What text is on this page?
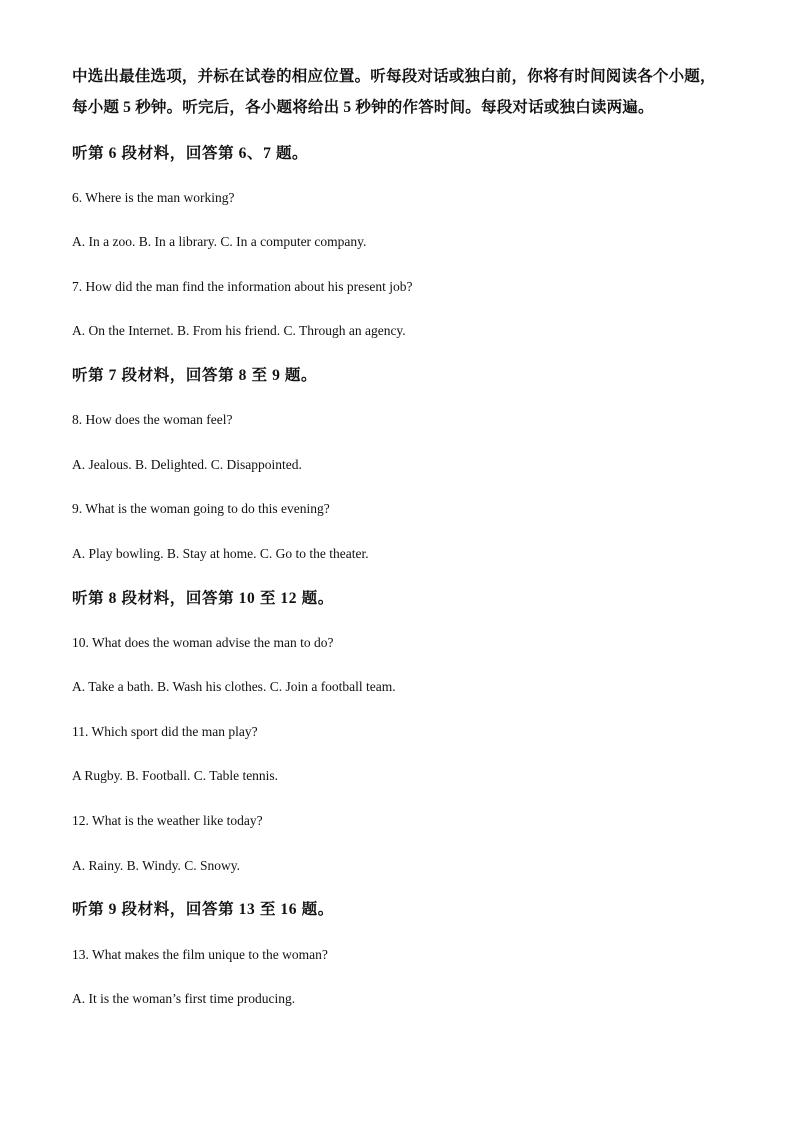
中选出最佳选项，并标在试卷的相应位置。听每段对话或独白前，你将有时间阅读各个小题，
每小题 5 秒钟。听完后，各小题将给出 5 秒钟的作答时间。每段对话或独白读两遍。
听第 6 段材料，回答第 6、7 题。
6. Where is the man working?
A. In a zoo. B. In a library. C. In a computer company.
7. How did the man find the information about his present job?
A. On the Internet. B. From his friend. C. Through an agency.
听第 7 段材料，回答第 8 至 9 题。
8. How does the woman feel?
A. Jealous. B. Delighted. C. Disappointed.
9. What is the woman going to do this evening?
A. Play bowling. B. Stay at home. C. Go to the theater.
听第 8 段材料，回答第 10 至 12 题。
10. What does the woman advise the man to do?
A. Take a bath. B. Wash his clothes. C. Join a football team.
11. Which sport did the man play?
A Rugby. B. Football. C. Table tennis.
12. What is the weather like today?
A. Rainy. B. Windy. C. Snowy.
听第 9 段材料，回答第 13 至 16 题。
13. What makes the film unique to the woman?
A. It is the woman’s first time producing.
